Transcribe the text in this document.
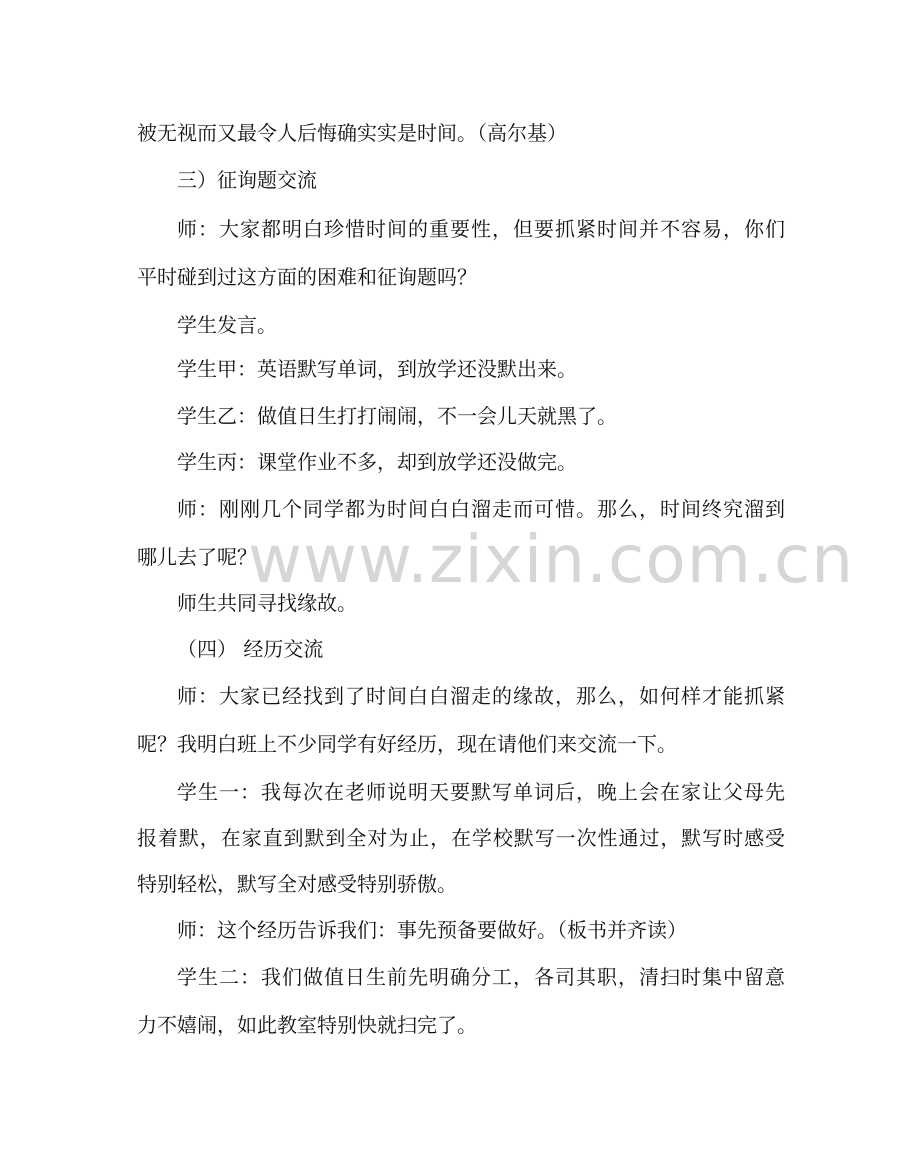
www.zixin.com.cn

被无视而又最令人后悔确实实是时间。（高尔基）

三）征询题交流

师：大家都明白珍惜时间的重要性，但要抓紧时间并不容易，你们

平时碰到过这方面的困难和征询题吗？

学生发言。

学生甲：英语默写单词，到放学还没默出来。

学生乙：做值日生打打闹闹，不一会儿天就黑了。

学生丙：课堂作业不多，却到放学还没做完。

师：刚刚几个同学都为时间白白溜走而可惜。那么，时间终究溜到

哪儿去了呢？

师生共同寻找缘故。

（四） 经历交流

师：大家已经找到了时间白白溜走的缘故，那么，如何样才能抓紧

呢？我明白班上不少同学有好经历，现在请他们来交流一下。

学生一：我每次在老师说明天要默写单词后，晚上会在家让父母先

报着默，在家直到默到全对为止，在学校默写一次性通过，默写时感受

特别轻松，默写全对感受特别骄傲。

师：这个经历告诉我们：事先预备要做好。（板书并齐读）

学生二：我们做值日生前先明确分工，各司其职，清扫时集中留意

力不嬉闹，如此教室特别快就扫完了。
